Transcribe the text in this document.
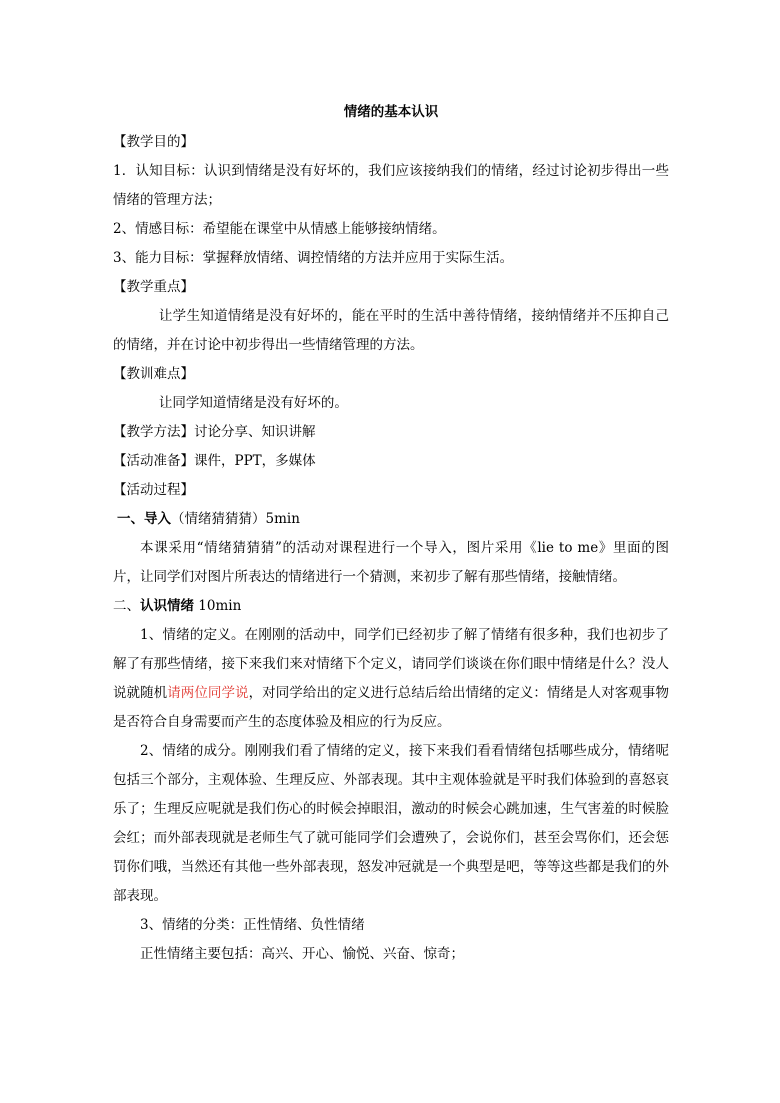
情绪的基本认识

【教学目的】

1．认知目标：认识到情绪是没有好坏的，我们应该接纳我们的情绪，经过讨论初步得出一些情绪的管理方法；

2、情感目标：希望能在课堂中从情感上能够接纳情绪。

3、能力目标：掌握释放情绪、调控情绪的方法并应用于实际生活。

【教学重点】

让学生知道情绪是没有好坏的，能在平时的生活中善待情绪，接纳情绪并不压抑自己的情绪，并在讨论中初步得出一些情绪管理的方法。

【教训难点】

让同学知道情绪是没有好坏的。

【教学方法】讨论分享、知识讲解

【活动准备】课件，PPT，多媒体

【活动过程】

一、导入（情绪猜猜猜）5min

本课采用“情绪猜猜猜”的活动对课程进行一个导入，图片采用《lie to me》里面的图片，让同学们对图片所表达的情绪进行一个猜测，来初步了解有那些情绪，接触情绪。

二、认识情绪 10min

1、情绪的定义。在刚刚的活动中，同学们已经初步了解了情绪有很多种，我们也初步了解了有那些情绪，接下来我们来对情绪下个定义，请同学们谈谈在你们眼中情绪是什么？没人说就随机请两位同学说，对同学给出的定义进行总结后给出情绪的定义：情绪是人对客观事物是否符合自身需要而产生的态度体验及相应的行为反应。

2、情绪的成分。刚刚我们看了情绪的定义，接下来我们看看情绪包括哪些成分，情绪呢包括三个部分，主观体验、生理反应、外部表现。其中主观体验就是平时我们体验到的喜怒哀乐了；生理反应呢就是我们伤心的时候会掉眼泪，激动的时候会心跳加速，生气害羞的时候脸会红；而外部表现就是老师生气了就可能同学们会遭殃了，会说你们，甚至会骂你们，还会惩罚你们哦，当然还有其他一些外部表现，怒发冲冠就是一个典型是吧，等等这些都是我们的外部表现。

3、情绪的分类：正性情绪、负性情绪

正性情绪主要包括：高兴、开心、愉悦、兴奋、惊奇；
